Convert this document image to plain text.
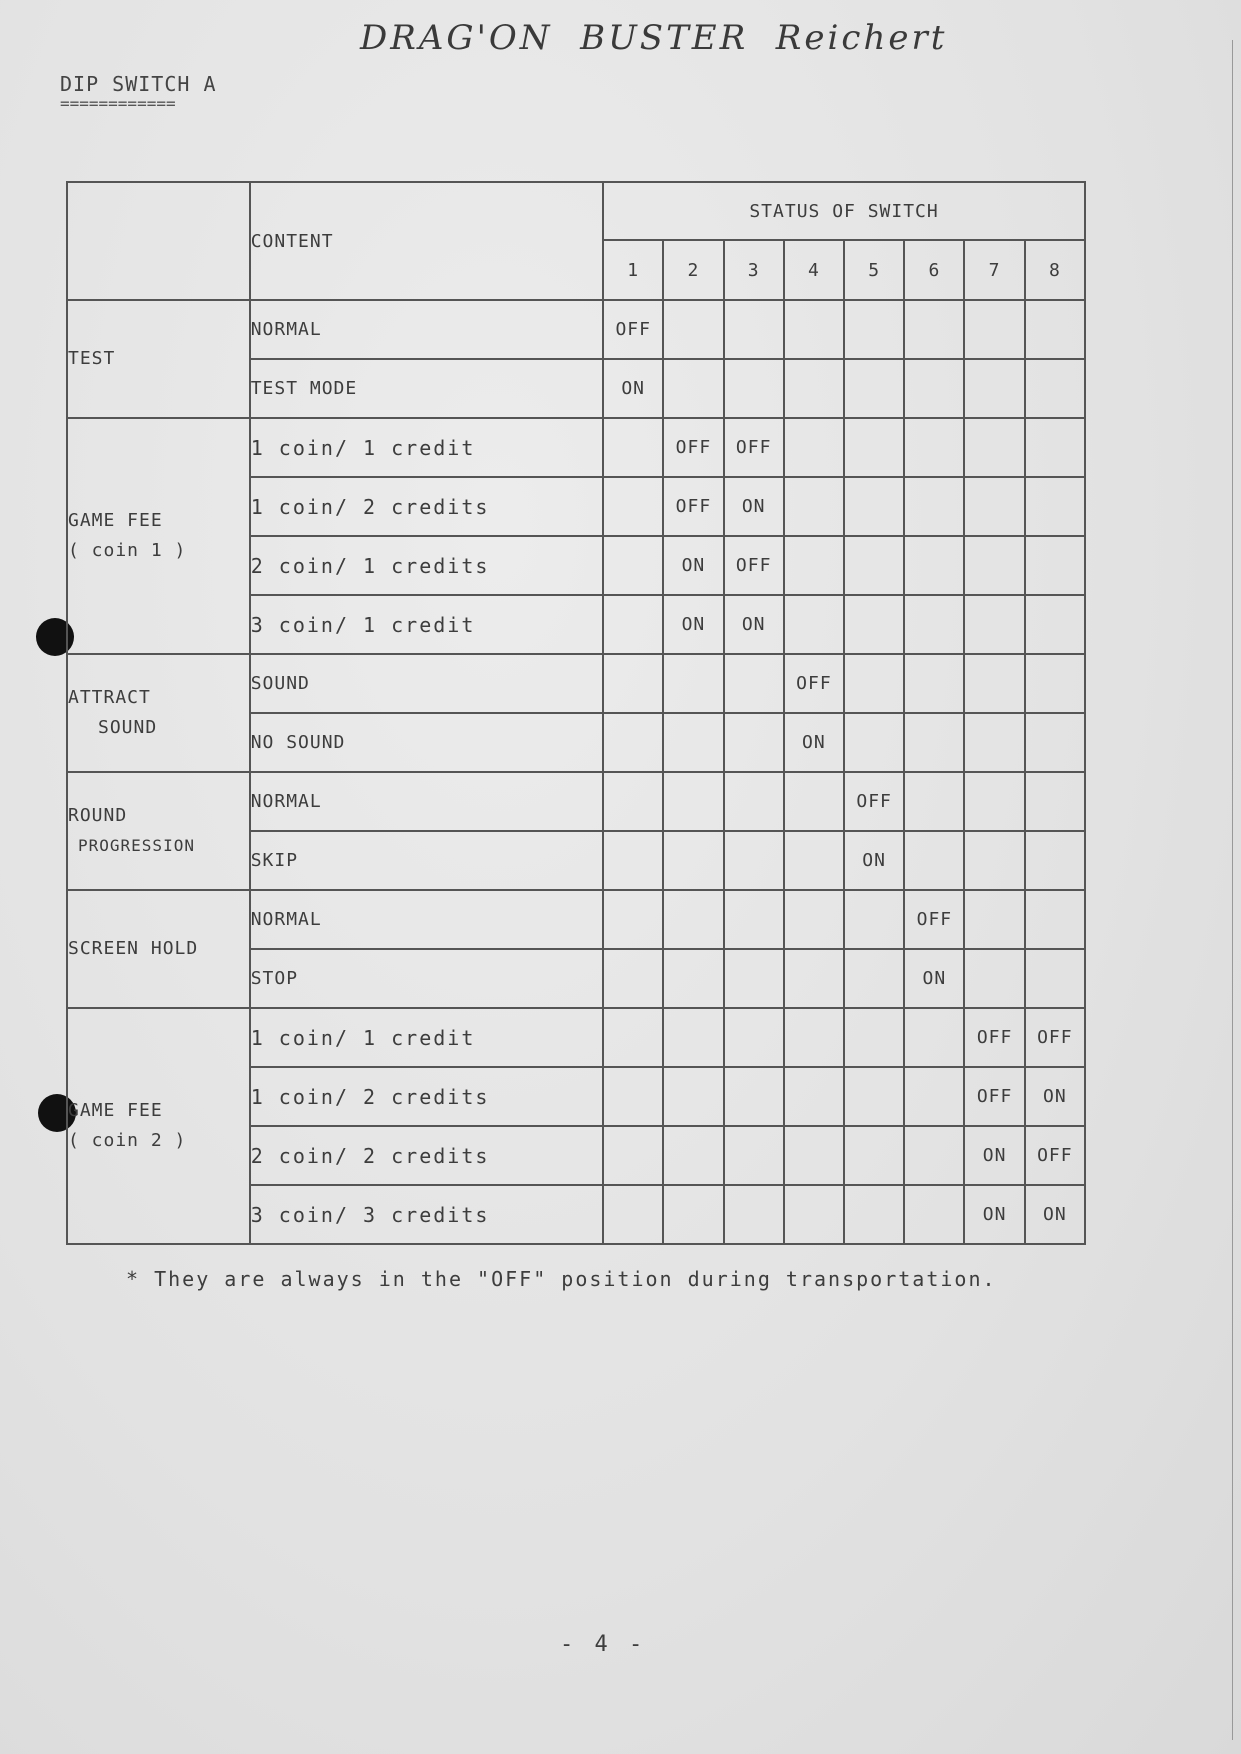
DRAG'ON  BUSTER  Reichert
DIP SWITCH A
============
	CONTENT	STATUS OF SWITCH							
		1	2	3	4	5	6	7	8

TEST	NORMAL	OFF							
	TEST MODE	ON							

GAME FEE
( coin 1 )	1 coin/ 1 credit		OFF	OFF					
	1 coin/ 2 credits		OFF	ON					
	2 coin/ 1 credits		ON	OFF					
	3 coin/ 1 credit		ON	ON					

ATTRACT
SOUND	SOUND				OFF				
	NO SOUND				ON				

ROUND
PROGRESSION	NORMAL					OFF			
	SKIP					ON			

SCREEN HOLD	NORMAL						OFF		
	STOP						ON		

GAME FEE
( coin 2 )	1 coin/ 1 credit							OFF	OFF
	1 coin/ 2 credits							OFF	ON
	2 coin/ 2 credits							ON	OFF
	3 coin/ 3 credits							ON	ON
* They are always in the "OFF" position during transportation.
- 4 -
